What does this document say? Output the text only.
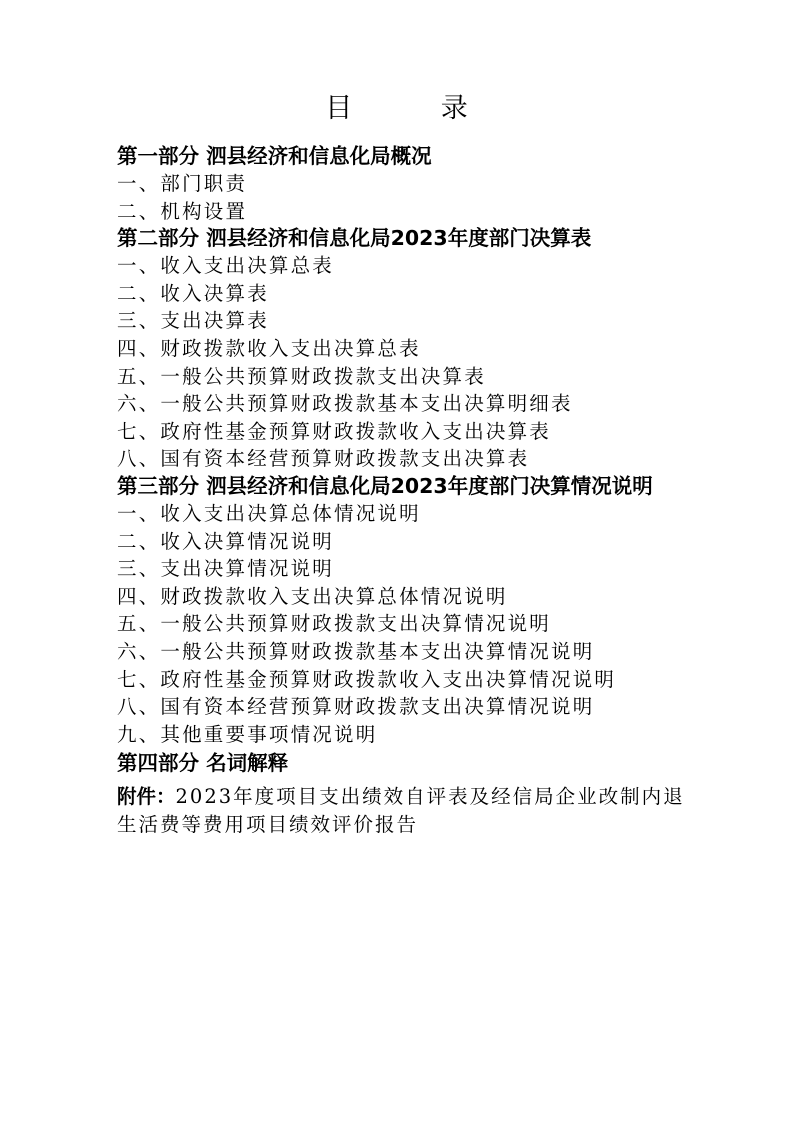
目 录
第一部分 泗县经济和信息化局概况
一、部门职责
二、机构设置
第二部分 泗县经济和信息化局2023年度部门决算表
一、收入支出决算总表
二、收入决算表
三、支出决算表
四、财政拨款收入支出决算总表
五、一般公共预算财政拨款支出决算表
六、一般公共预算财政拨款基本支出决算明细表
七、政府性基金预算财政拨款收入支出决算表
八、国有资本经营预算财政拨款支出决算表
第三部分 泗县经济和信息化局2023年度部门决算情况说明
一、收入支出决算总体情况说明
二、收入决算情况说明
三、支出决算情况说明
四、财政拨款收入支出决算总体情况说明
五、一般公共预算财政拨款支出决算情况说明
六、一般公共预算财政拨款基本支出决算情况说明
七、政府性基金预算财政拨款收入支出决算情况说明
八、国有资本经营预算财政拨款支出决算情况说明
九、其他重要事项情况说明
第四部分 名词解释
附件：2023年度项目支出绩效自评表及经信局企业改制内退生活费等费用项目绩效评价报告
